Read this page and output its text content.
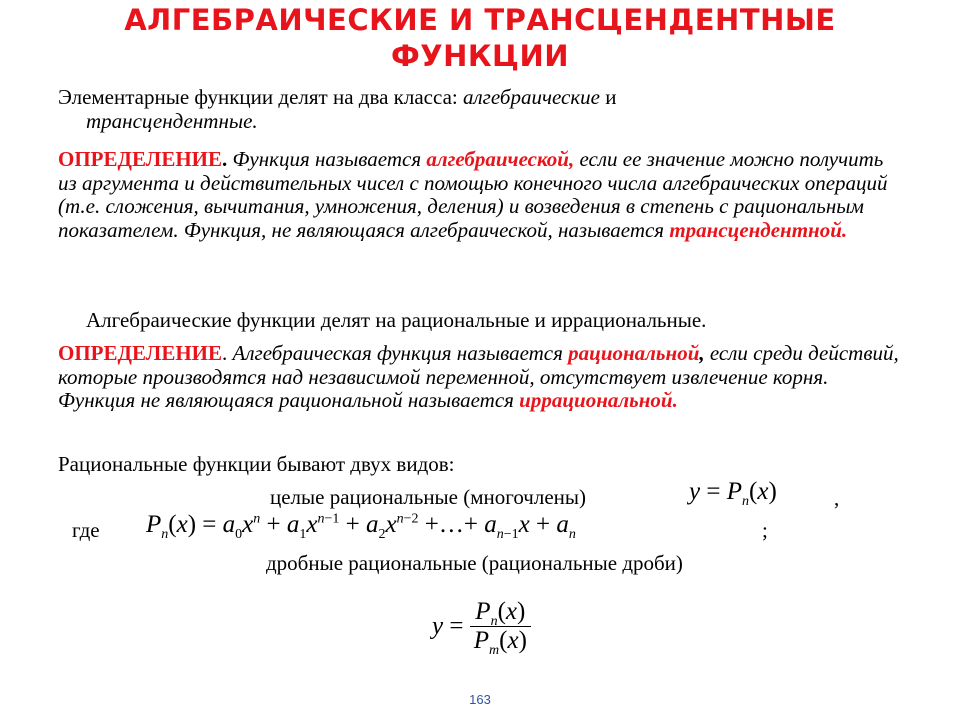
АЛГЕБРАИЧЕСКИЕ И ТРАНСЦЕНДЕНТНЫЕ
ФУНКЦИИ
Элементарные функции делят на два класса: алгебраические и
трансцендентные.
ОПРЕДЕЛЕНИЕ. Функция называется алгебраической, если ее значение можно получить из аргумента и действительных чисел с помощью конечного числа алгебраических операций (т.е. сложения, вычитания, умножения, деления) и возведения в степень с рациональным показателем. Функция, не являющаяся алгебраической, называется трансцендентной.
Алгебраические функции делят на рациональные и иррациональные.
ОПРЕДЕЛЕНИЕ. Алгебраическая функция называется рациональной, если среди действий, которые производятся над независимой переменной, отсутствует извлечение корня. Функция не являющаяся рациональной называется иррациональной.
Рациональные функции бывают двух видов:
целые рациональные (многочлены)	$y = P_n(x)$	,
где $P_n(x) = a_0x^n + a_1x^{n-1} + a_2x^{n-2}$ +…+ $a_{n-1}x + a_n$	;
дробные рациональные (рациональные дроби)
$y = \frac{P_n(x)}{P_m(x)}$
163
